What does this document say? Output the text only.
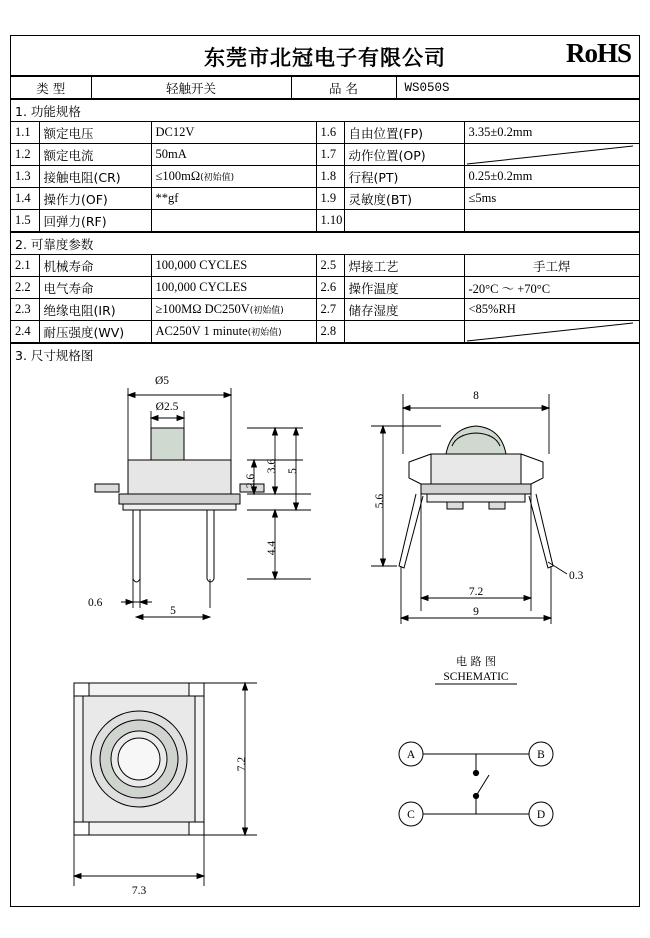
东莞市北冠电子有限公司	RoHS
类 型	轻触开关	品 名	WS050S
1. 功能规格					
1.1	额定电压	DC12V	1.6	自由位置(FP)	3.35±0.2mm
1.2	额定电流	50mA	1.7	动作位置(OP)	

1.3	接触电阻(CR)	≤100mΩ(初始值)	1.8	行程(PT)	0.25±0.2mm
1.4	操作力(OF)	**gf	1.9	灵敏度(BT)	≤5ms
1.5	回弹力(RF)		1.10		
2. 可靠度参数					
2.1	机械寿命	100,000 CYCLES	2.5	焊接工艺	手工焊
2.2	电气寿命	100,000 CYCLES	2.6	操作温度	-20°C ～ +70°C
2.3	绝缘电阻(IR)	≥100MΩ DC250V(初始值)	2.7	储存湿度	<85%RH
2.4	耐压强度(WV)	AC250V 1 minute(初始值)	2.8		
3. 尺寸规格图
Ø5
Ø2.5
2.6
3.6 5
4.4
0.6
5
8
5.6
7.2
9
0.3
7.2
7.3
电 路 图
SCHEMATIC
A	B
C	D
